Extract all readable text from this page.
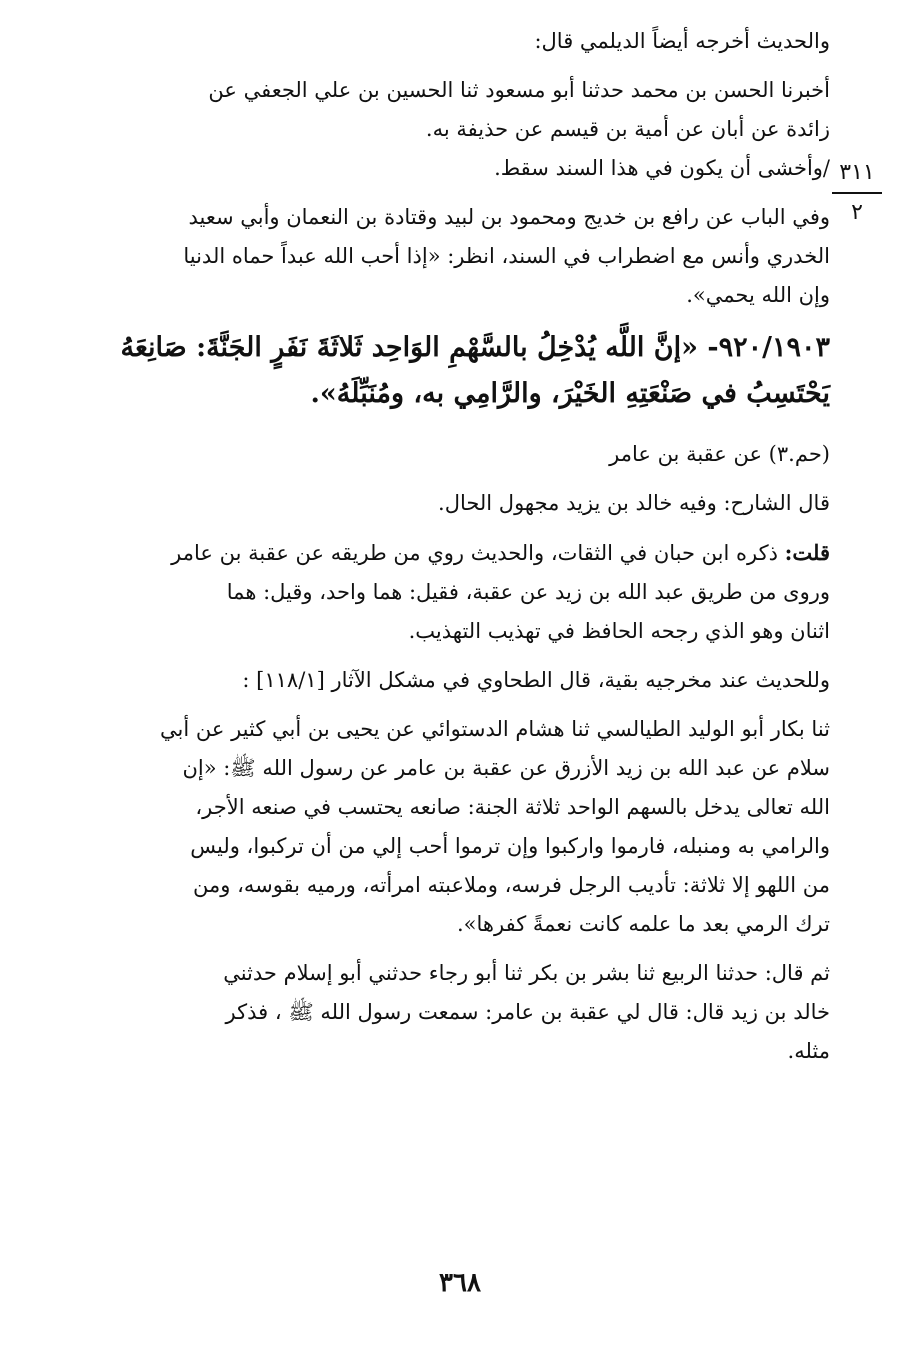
٣١١
٢
والحديث أخرجه أيضاً الديلمي قال:
أخبرنا الحسن بن محمد حدثنا أبو مسعود ثنا الحسين بن علي الجعفي عن
زائدة عن أبان عن أمية بن قيسم عن حذيفة به.
/وأخشى أن يكون في هذا السند سقط.
وفي الباب عن رافع بن خديج ومحمود بن لبيد وقتادة بن النعمان وأبي سعيد
الخدري وأنس مع اضطراب في السند، انظر: «إذا أحب الله عبداً حماه الدنيا
وإن الله يحمي».
٩٢٠/١٩٠٣- «إنَّ اللَّه يُدْخِلُ بالسَّهْمِ الوَاحِد ثَلاثَةَ نَفَرٍ الجَنَّةَ: صَانِعَهُ
يَحْتَسِبُ في صَنْعَتِهِ الخَيْرَ، والرَّامِي به، ومُنَبِّلَهُ».
(حم.٣) عن عقبة بن عامر
قال الشارح: وفيه خالد بن يزيد مجهول الحال.
قلت: ذكره ابن حبان في الثقات، والحديث روي من طريقه عن عقبة بن عامر
وروى من طريق عبد الله بن زيد عن عقبة، فقيل: هما واحد، وقيل: هما
اثنان وهو الذي رجحه الحافظ في تهذيب التهذيب.
وللحديث عند مخرجيه بقية، قال الطحاوي في مشكل الآثار [١١٨/١] :
ثنا بكار أبو الوليد الطيالسي ثنا هشام الدستوائي عن يحيى بن أبي كثير عن أبي
سلام عن عبد الله بن زيد الأزرق عن عقبة بن عامر عن رسول الله ﷺ: «إن
الله تعالى يدخل بالسهم الواحد ثلاثة الجنة: صانعه يحتسب في صنعه الأجر،
والرامي به ومنبله، فارموا واركبوا وإن ترموا أحب إلي من أن تركبوا، وليس
من اللهو إلا ثلاثة: تأديب الرجل فرسه، وملاعبته امرأته، ورميه بقوسه، ومن
ترك الرمي بعد ما علمه كانت نعمةً كفرها».
ثم قال: حدثنا الربيع ثنا بشر بن بكر ثنا أبو رجاء حدثني أبو إسلام حدثني
خالد بن زيد قال: قال لي عقبة بن عامر: سمعت رسول الله ﷺ ، فذكر
مثله.
٣٦٨
